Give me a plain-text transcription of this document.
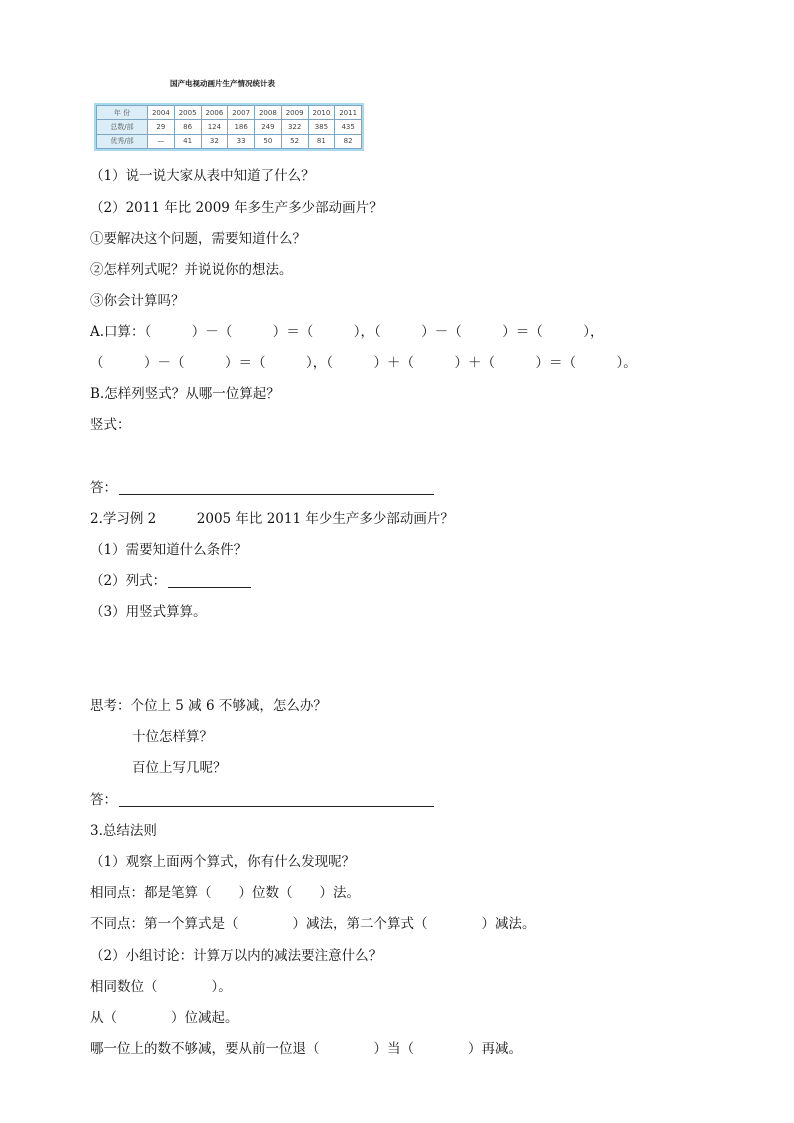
国产电视动画片生产情况统计表
年 份	2004	2005	2006	2007	2008	2009	2010	2011
总数/部	29	86	124	186	249	322	385	435
优秀/部	—	41	32	33	50	52	81	82
（1）说一说大家从表中知道了什么？
（2）2011 年比 2009 年多生产多少部动画片？
①要解决这个问题，需要知道什么？
②怎样列式呢？并说说你的想法。
③你会计算吗？
A.口算：（　　　）－（　　　）＝（　　　），（　　　）－（　　　）＝（　　　），
（　　　）－（　　　）＝（　　　），（　　　）＋（　　　）＋（　　　）＝（　　　）。
B.怎样列竖式？从哪一位算起？
竖式：
答：
2.学习例 2　　　2005 年比 2011 年少生产多少部动画片？
（1）需要知道什么条件？
（2）列式：
（3）用竖式算算。
思考：个位上 5 减 6 不够减，怎么办？
十位怎样算？
百位上写几呢？
答：
3.总结法则
（1）观察上面两个算式，你有什么发现呢？
相同点：都是笔算（　　）位数（　　）法。
不同点：第一个算式是（　　　　）减法，第二个算式（　　　　）减法。
（2）小组讨论：计算万以内的减法要注意什么？
相同数位（　　　　）。
从（　　　　）位减起。
哪一位上的数不够减，要从前一位退（　　　　）当（　　　　）再减。
